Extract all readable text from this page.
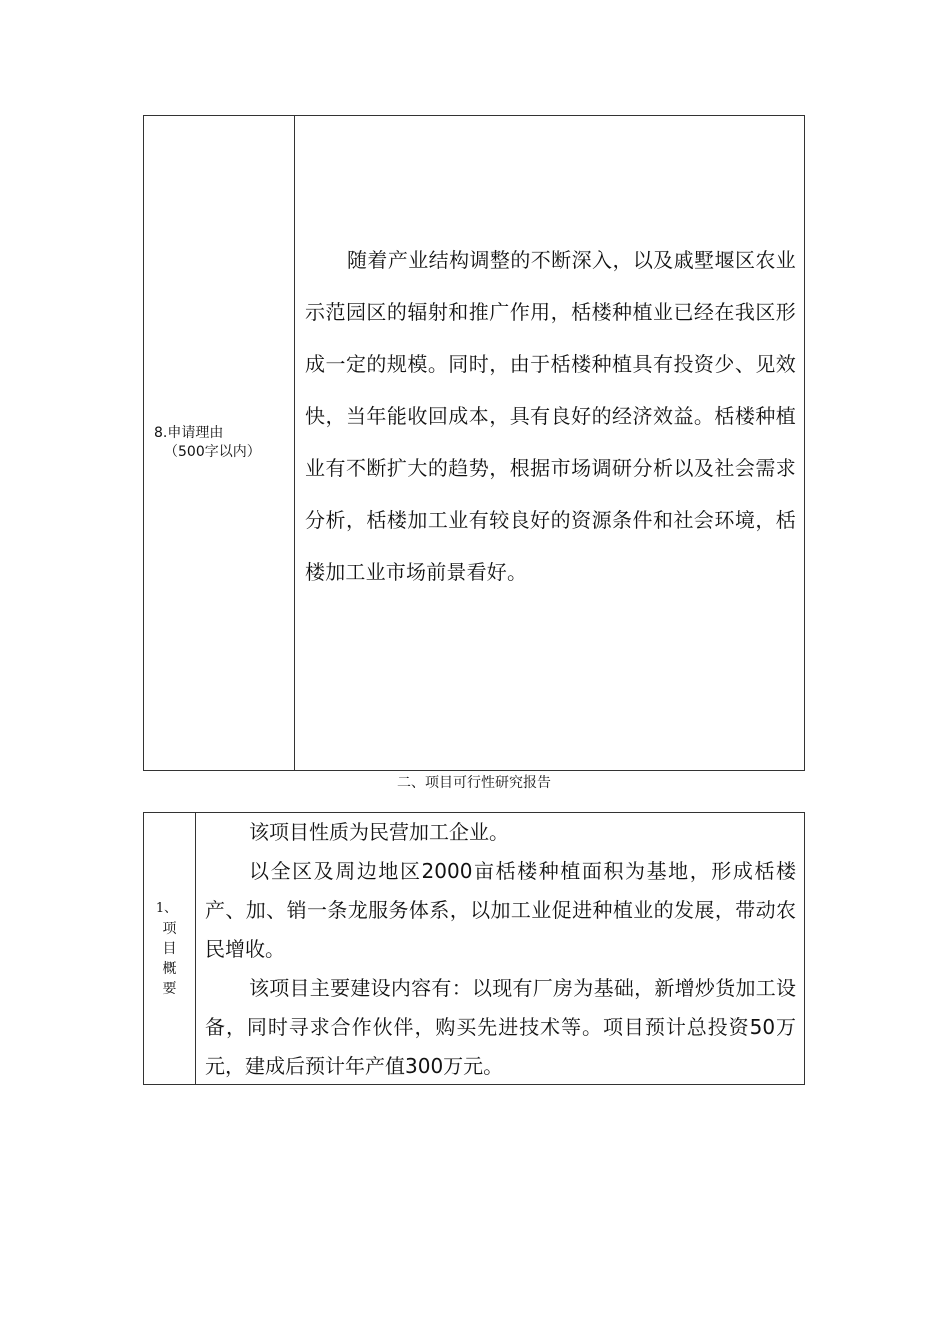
8.申请理由
（500字以内）

随着产业结构调整的不断深入，以及戚墅堰区农业示范园区的辐射和推广作用，栝楼种植业已经在我区形成一定的规模。同时，由于栝楼种植具有投资少、见效快，当年能收回成本，具有良好的经济效益。栝楼种植业有不断扩大的趋势，根据市场调研分析以及社会需求分析，栝楼加工业有较良好的资源条件和社会环境，栝楼加工业市场前景看好。

二、项目可行性研究报告
1、
项
目
概
要

该项目性质为民营加工企业。

以全区及周边地区2000亩栝楼种植面积为基地，形成栝楼产、加、销一条龙服务体系，以加工业促进种植业的发展，带动农民增收。

该项目主要建设内容有：以现有厂房为基础，新增炒货加工设备，同时寻求合作伙伴，购买先进技术等。项目预计总投资50万元，建成后预计年产值300万元。
